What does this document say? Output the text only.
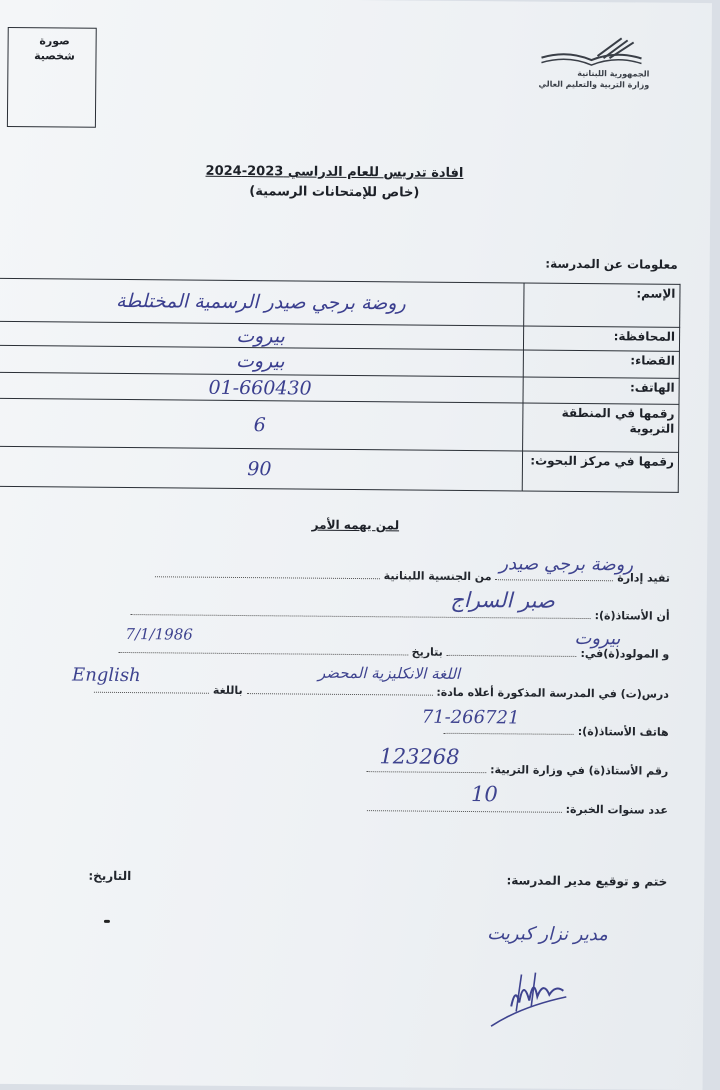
صورة شخصية
الجمهورية اللبنانية
وزارة التربية والتعليم العالي
افادة تدريس للعام الدراسي 2023-2024
(خاص للإمتحانات الرسمية)
معلومات عن المدرسة:
الإسم:	روضة برجي صيدر الرسمية المختلطة
المحافظة:	بيروت
القضاء:	بيروت
الهاتف:	01-660430
رقمها في المنطقة التربوية	6
رقمها في مركز البحوث:	90
لمن يهمه الأمر
تفيد إدارة  من الجنسية اللبنانية
روضة برجي صيدر
أن الأستاذ(ة):
صبر السراج
و المولود(ة)في:  بتاريخ
بيروت
7/1/1986
درس(ت) في المدرسة المذكورة أعلاه مادة:  باللغة
اللغة الانكليزية المحضر
English
هاتف الأستاذ(ة):
71-266721
رقم الأستاذ(ة) في وزارة التربية:
123268
عدد سنوات الخبرة:
10
ختم و توقيع مدير المدرسة:
التاريخ:
مدير نزار كبريت
